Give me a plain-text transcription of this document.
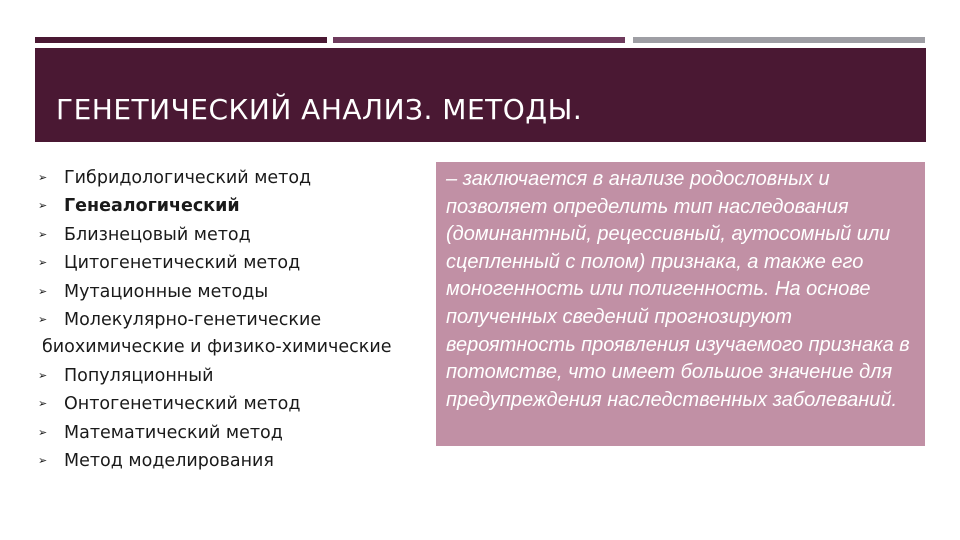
ГЕНЕТИЧЕСКИЙ АНАЛИЗ. МЕТОДЫ.
➢ Гибридологический метод
➢ Генеалогический
➢ Близнецовый метод
➢ Цитогенетический метод
➢ Мутационные методы
➢ Молекулярно-генетические
биохимические и физико-химические
➢ Популяционный
➢ Онтогенетический метод
➢ Математический метод
➢ Метод моделирования

– заключается в анализе родословных и позволяет определить тип наследования (доминантный, рецессивный, аутосомный или сцепленный с полом) признака, а также его моногенность или полигенность. На основе полученных сведений прогнозируют вероятность проявления изучаемого признака в потомстве, что имеет большое значение для предупреждения наследственных заболеваний.
